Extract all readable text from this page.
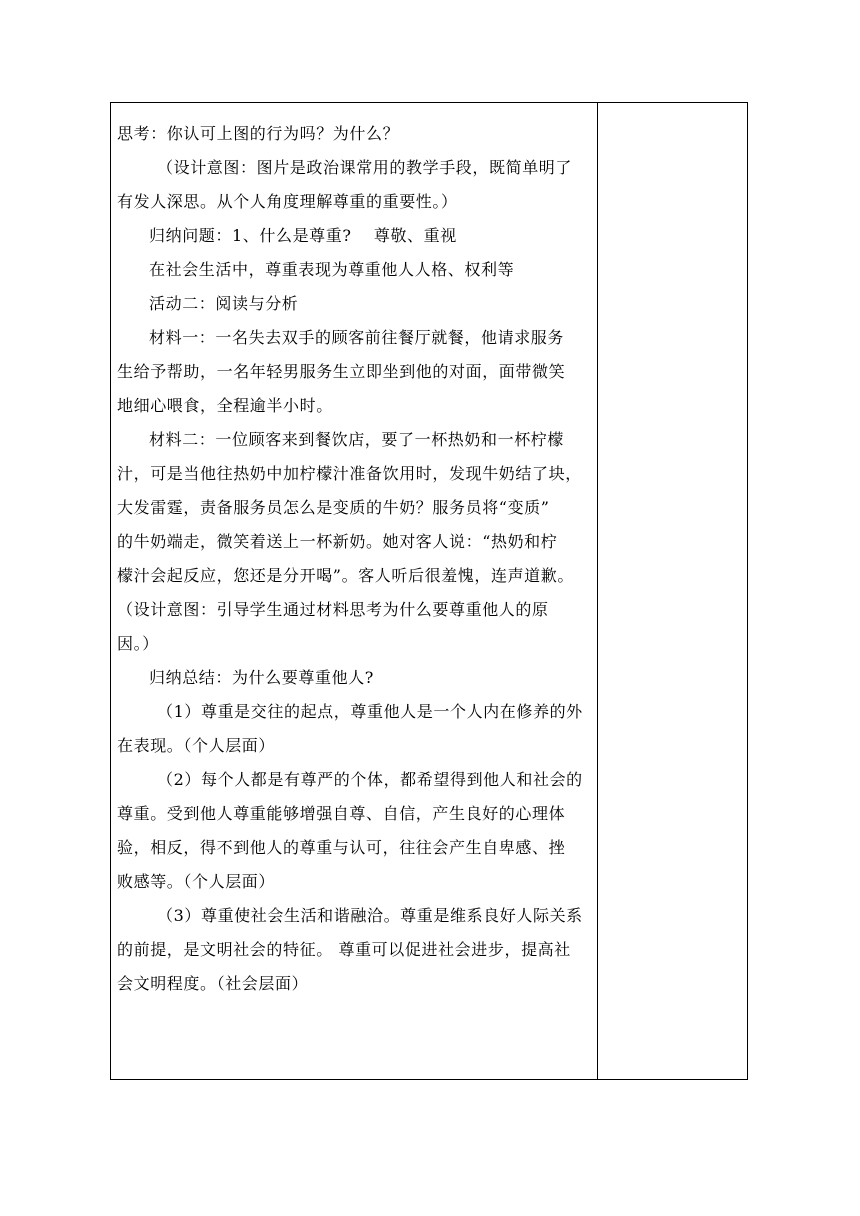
思考：你认可上图的行为吗？为什么？
（设计意图：图片是政治课常用的教学手段，既简单明了
有发人深思。从个人角度理解尊重的重要性。）
归纳问题：1、什么是尊重?　 尊敬、重视
在社会生活中，尊重表现为尊重他人人格、权利等
活动二：阅读与分析
材料一：一名失去双手的顾客前往餐厅就餐，他请求服务
生给予帮助，一名年轻男服务生立即坐到他的对面，面带微笑
地细心喂食，全程逾半小时。
材料二：一位顾客来到餐饮店，要了一杯热奶和一杯柠檬
汁，可是当他往热奶中加柠檬汁准备饮用时，发现牛奶结了块，
大发雷霆，责备服务员怎么是变质的牛奶？服务员将“变质”
的牛奶端走，微笑着送上一杯新奶。她对客人说：“热奶和柠
檬汁会起反应，您还是分开喝”。客人听后很羞愧，连声道歉。
（设计意图：引导学生通过材料思考为什么要尊重他人的原
因。）
归纳总结：为什么要尊重他人?
（1）尊重是交往的起点，尊重他人是一个人内在修养的外
在表现。（个人层面）
（2）每个人都是有尊严的个体，都希望得到他人和社会的
尊重。受到他人尊重能够增强自尊、自信，产生良好的心理体
验，相反，得不到他人的尊重与认可，往往会产生自卑感、挫
败感等。（个人层面）
（3）尊重使社会生活和谐融洽。尊重是维系良好人际关系
的前提，是文明社会的特征。 尊重可以促进社会进步，提高社
会文明程度。（社会层面）
